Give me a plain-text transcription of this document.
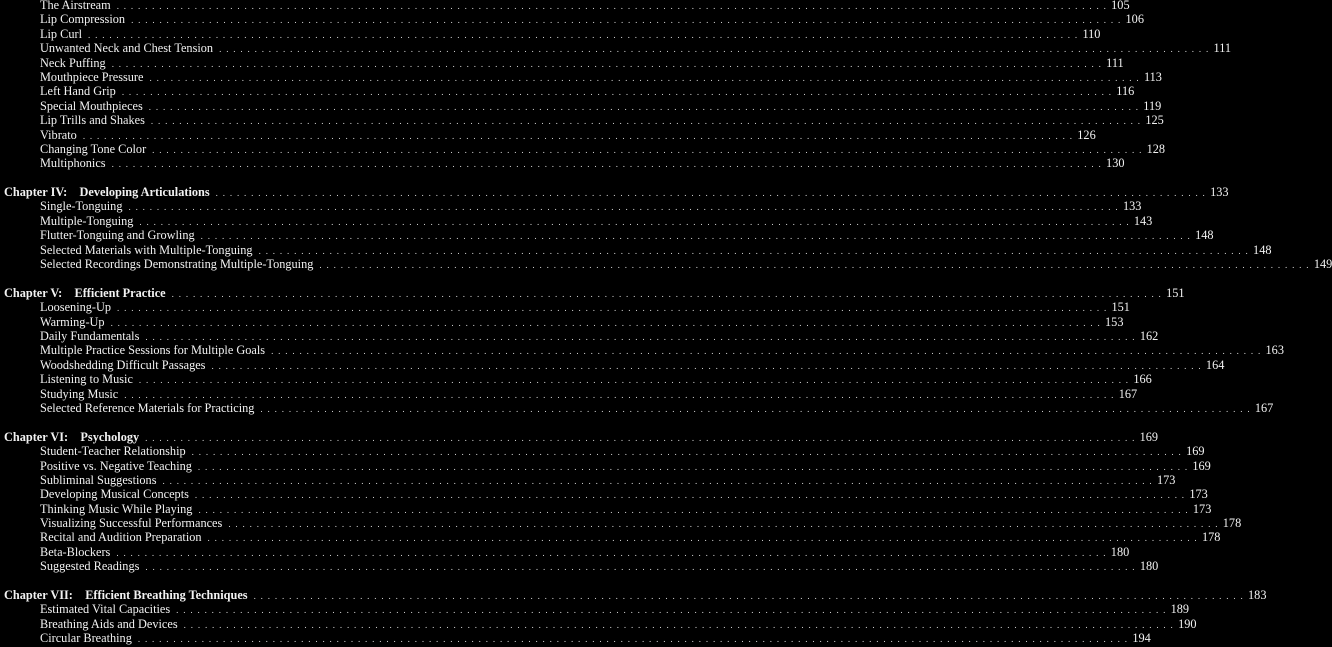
The Airstream . . . . . . . . . . . . . . . . . . . . . . . . . . . . . . . . . . . . . . . . . . . . . . . . . . . . . . . . . . . . . . . . . . . . . . . . . . . . . . . . . . . . . . . . . . . . . . . . . . . . . . . . . . . . . . . . . . . . . . . . . . . . . . . . . . . . . . . . . . . . 105
Lip Compression . . . . . . . . . . . . . . . . . . . . . . . . . . . . . . . . . . . . . . . . . . . . . . . . . . . . . . . . . . . . . . . . . . . . . . . . . . . . . . . . . . . . . . . . . . . . . . . . . . . . . . . . . . . . . . . . . . . . . . . . . . . . . . . . . . . . . . . . . . . . 106
Lip Curl . . . . . . . . . . . . . . . . . . . . . . . . . . . . . . . . . . . . . . . . . . . . . . . . . . . . . . . . . . . . . . . . . . . . . . . . . . . . . . . . . . . . . . . . . . . . . . . . . . . . . . . . . . . . . . . . . . . . . . . . . . . . . . . . . . . . . . . . . . . . 110
Unwanted Neck and Chest Tension . . . . . . . . . . . . . . . . . . . . . . . . . . . . . . . . . . . . . . . . . . . . . . . . . . . . . . . . . . . . . . . . . . . . . . . . . . . . . . . . . . . . . . . . . . . . . . . . . . . . . . . . . . . . . . . . . . . . . . . . . . . . . . . . . . . . . . . . . . . . 111
Neck Puffing . . . . . . . . . . . . . . . . . . . . . . . . . . . . . . . . . . . . . . . . . . . . . . . . . . . . . . . . . . . . . . . . . . . . . . . . . . . . . . . . . . . . . . . . . . . . . . . . . . . . . . . . . . . . . . . . . . . . . . . . . . . . . . . . . . . . . . . . . . . . 111
Mouthpiece Pressure . . . . . . . . . . . . . . . . . . . . . . . . . . . . . . . . . . . . . . . . . . . . . . . . . . . . . . . . . . . . . . . . . . . . . . . . . . . . . . . . . . . . . . . . . . . . . . . . . . . . . . . . . . . . . . . . . . . . . . . . . . . . . . . . . . . . . . . . . . . . 113
Left Hand Grip . . . . . . . . . . . . . . . . . . . . . . . . . . . . . . . . . . . . . . . . . . . . . . . . . . . . . . . . . . . . . . . . . . . . . . . . . . . . . . . . . . . . . . . . . . . . . . . . . . . . . . . . . . . . . . . . . . . . . . . . . . . . . . . . . . . . . . . . . . . . 116
Special Mouthpieces . . . . . . . . . . . . . . . . . . . . . . . . . . . . . . . . . . . . . . . . . . . . . . . . . . . . . . . . . . . . . . . . . . . . . . . . . . . . . . . . . . . . . . . . . . . . . . . . . . . . . . . . . . . . . . . . . . . . . . . . . . . . . . . . . . . . . . . . . . . . 119
Lip Trills and Shakes . . . . . . . . . . . . . . . . . . . . . . . . . . . . . . . . . . . . . . . . . . . . . . . . . . . . . . . . . . . . . . . . . . . . . . . . . . . . . . . . . . . . . . . . . . . . . . . . . . . . . . . . . . . . . . . . . . . . . . . . . . . . . . . . . . . . . . . . . . . . 125
Vibrato . . . . . . . . . . . . . . . . . . . . . . . . . . . . . . . . . . . . . . . . . . . . . . . . . . . . . . . . . . . . . . . . . . . . . . . . . . . . . . . . . . . . . . . . . . . . . . . . . . . . . . . . . . . . . . . . . . . . . . . . . . . . . . . . . . . . . . . . . . . . 126
Changing Tone Color . . . . . . . . . . . . . . . . . . . . . . . . . . . . . . . . . . . . . . . . . . . . . . . . . . . . . . . . . . . . . . . . . . . . . . . . . . . . . . . . . . . . . . . . . . . . . . . . . . . . . . . . . . . . . . . . . . . . . . . . . . . . . . . . . . . . . . . . . . . . 128
Multiphonics . . . . . . . . . . . . . . . . . . . . . . . . . . . . . . . . . . . . . . . . . . . . . . . . . . . . . . . . . . . . . . . . . . . . . . . . . . . . . . . . . . . . . . . . . . . . . . . . . . . . . . . . . . . . . . . . . . . . . . . . . . . . . . . . . . . . . . . . . . . . 130
Chapter IV: Developing Articulations . . . . . . . . . . . . . . . . . . . . . . . . . . . . . . . . . . . . . . . . . . . . . . . . . . . . . . . . . . . . . . . . . . . . . . . . . . . . . . . . . . . . . . . . . . . . . . . . . . . . . . . . . . . . . . . . . . . . . . . . . . . . . . . . . . . . . . . . . . . . 133
Single-Tonguing . . . . . . . . . . . . . . . . . . . . . . . . . . . . . . . . . . . . . . . . . . . . . . . . . . . . . . . . . . . . . . . . . . . . . . . . . . . . . . . . . . . . . . . . . . . . . . . . . . . . . . . . . . . . . . . . . . . . . . . . . . . . . . . . . . . . . . . . . . . . 133
Multiple-Tonguing . . . . . . . . . . . . . . . . . . . . . . . . . . . . . . . . . . . . . . . . . . . . . . . . . . . . . . . . . . . . . . . . . . . . . . . . . . . . . . . . . . . . . . . . . . . . . . . . . . . . . . . . . . . . . . . . . . . . . . . . . . . . . . . . . . . . . . . . . . . . 143
Flutter-Tonguing and Growling . . . . . . . . . . . . . . . . . . . . . . . . . . . . . . . . . . . . . . . . . . . . . . . . . . . . . . . . . . . . . . . . . . . . . . . . . . . . . . . . . . . . . . . . . . . . . . . . . . . . . . . . . . . . . . . . . . . . . . . . . . . . . . . . . . . . . . . . . . . . 148
Selected Materials with Multiple-Tonguing . . . . . . . . . . . . . . . . . . . . . . . . . . . . . . . . . . . . . . . . . . . . . . . . . . . . . . . . . . . . . . . . . . . . . . . . . . . . . . . . . . . . . . . . . . . . . . . . . . . . . . . . . . . . . . . . . . . . . . . . . . . . . . . . . . . . . . . . . . . . 148
Selected Recordings Demonstrating Multiple-Tonguing . . . . . . . . . . . . . . . . . . . . . . . . . . . . . . . . . . . . . . . . . . . . . . . . . . . . . . . . . . . . . . . . . . . . . . . . . . . . . . . . . . . . . . . . . . . . . . . . . . . . . . . . . . . . . . . . . . . . . . . . . . . . . . . . . . . . . . . . . . . . 149
Chapter V: Efficient Practice . . . . . . . . . . . . . . . . . . . . . . . . . . . . . . . . . . . . . . . . . . . . . . . . . . . . . . . . . . . . . . . . . . . . . . . . . . . . . . . . . . . . . . . . . . . . . . . . . . . . . . . . . . . . . . . . . . . . . . . . . . . . . . . . . . . . . . . . . . . . 151
Loosening-Up . . . . . . . . . . . . . . . . . . . . . . . . . . . . . . . . . . . . . . . . . . . . . . . . . . . . . . . . . . . . . . . . . . . . . . . . . . . . . . . . . . . . . . . . . . . . . . . . . . . . . . . . . . . . . . . . . . . . . . . . . . . . . . . . . . . . . . . . . . . . 151
Warming-Up . . . . . . . . . . . . . . . . . . . . . . . . . . . . . . . . . . . . . . . . . . . . . . . . . . . . . . . . . . . . . . . . . . . . . . . . . . . . . . . . . . . . . . . . . . . . . . . . . . . . . . . . . . . . . . . . . . . . . . . . . . . . . . . . . . . . . . . . . . . . 153
Daily Fundamentals . . . . . . . . . . . . . . . . . . . . . . . . . . . . . . . . . . . . . . . . . . . . . . . . . . . . . . . . . . . . . . . . . . . . . . . . . . . . . . . . . . . . . . . . . . . . . . . . . . . . . . . . . . . . . . . . . . . . . . . . . . . . . . . . . . . . . . . . . . . . 162
Multiple Practice Sessions for Multiple Goals . . . . . . . . . . . . . . . . . . . . . . . . . . . . . . . . . . . . . . . . . . . . . . . . . . . . . . . . . . . . . . . . . . . . . . . . . . . . . . . . . . . . . . . . . . . . . . . . . . . . . . . . . . . . . . . . . . . . . . . . . . . . . . . . . . . . . . . . . . . . 163
Woodshedding Difficult Passages . . . . . . . . . . . . . . . . . . . . . . . . . . . . . . . . . . . . . . . . . . . . . . . . . . . . . . . . . . . . . . . . . . . . . . . . . . . . . . . . . . . . . . . . . . . . . . . . . . . . . . . . . . . . . . . . . . . . . . . . . . . . . . . . . . . . . . . . . . . . 164
Listening to Music . . . . . . . . . . . . . . . . . . . . . . . . . . . . . . . . . . . . . . . . . . . . . . . . . . . . . . . . . . . . . . . . . . . . . . . . . . . . . . . . . . . . . . . . . . . . . . . . . . . . . . . . . . . . . . . . . . . . . . . . . . . . . . . . . . . . . . . . . . . . 166
Studying Music . . . . . . . . . . . . . . . . . . . . . . . . . . . . . . . . . . . . . . . . . . . . . . . . . . . . . . . . . . . . . . . . . . . . . . . . . . . . . . . . . . . . . . . . . . . . . . . . . . . . . . . . . . . . . . . . . . . . . . . . . . . . . . . . . . . . . . . . . . . . 167
Selected Reference Materials for Practicing . . . . . . . . . . . . . . . . . . . . . . . . . . . . . . . . . . . . . . . . . . . . . . . . . . . . . . . . . . . . . . . . . . . . . . . . . . . . . . . . . . . . . . . . . . . . . . . . . . . . . . . . . . . . . . . . . . . . . . . . . . . . . . . . . . . . . . . . . . . . 167
Chapter VI: Psychology . . . . . . . . . . . . . . . . . . . . . . . . . . . . . . . . . . . . . . . . . . . . . . . . . . . . . . . . . . . . . . . . . . . . . . . . . . . . . . . . . . . . . . . . . . . . . . . . . . . . . . . . . . . . . . . . . . . . . . . . . . . . . . . . . . . . . . . . . . . . 169
Student-Teacher Relationship . . . . . . . . . . . . . . . . . . . . . . . . . . . . . . . . . . . . . . . . . . . . . . . . . . . . . . . . . . . . . . . . . . . . . . . . . . . . . . . . . . . . . . . . . . . . . . . . . . . . . . . . . . . . . . . . . . . . . . . . . . . . . . . . . . . . . . . . . . . . 169
Positive vs. Negative Teaching . . . . . . . . . . . . . . . . . . . . . . . . . . . . . . . . . . . . . . . . . . . . . . . . . . . . . . . . . . . . . . . . . . . . . . . . . . . . . . . . . . . . . . . . . . . . . . . . . . . . . . . . . . . . . . . . . . . . . . . . . . . . . . . . . . . . . . . . . . . . 169
Subliminal Suggestions . . . . . . . . . . . . . . . . . . . . . . . . . . . . . . . . . . . . . . . . . . . . . . . . . . . . . . . . . . . . . . . . . . . . . . . . . . . . . . . . . . . . . . . . . . . . . . . . . . . . . . . . . . . . . . . . . . . . . . . . . . . . . . . . . . . . . . . . . . . . 173
Developing Musical Concepts . . . . . . . . . . . . . . . . . . . . . . . . . . . . . . . . . . . . . . . . . . . . . . . . . . . . . . . . . . . . . . . . . . . . . . . . . . . . . . . . . . . . . . . . . . . . . . . . . . . . . . . . . . . . . . . . . . . . . . . . . . . . . . . . . . . . . . . . . . . . 173
Thinking Music While Playing . . . . . . . . . . . . . . . . . . . . . . . . . . . . . . . . . . . . . . . . . . . . . . . . . . . . . . . . . . . . . . . . . . . . . . . . . . . . . . . . . . . . . . . . . . . . . . . . . . . . . . . . . . . . . . . . . . . . . . . . . . . . . . . . . . . . . . . . . . . . 173
Visualizing Successful Performances . . . . . . . . . . . . . . . . . . . . . . . . . . . . . . . . . . . . . . . . . . . . . . . . . . . . . . . . . . . . . . . . . . . . . . . . . . . . . . . . . . . . . . . . . . . . . . . . . . . . . . . . . . . . . . . . . . . . . . . . . . . . . . . . . . . . . . . . . . . . 178
Recital and Audition Preparation . . . . . . . . . . . . . . . . . . . . . . . . . . . . . . . . . . . . . . . . . . . . . . . . . . . . . . . . . . . . . . . . . . . . . . . . . . . . . . . . . . . . . . . . . . . . . . . . . . . . . . . . . . . . . . . . . . . . . . . . . . . . . . . . . . . . . . . . . . . . 178
Beta-Blockers . . . . . . . . . . . . . . . . . . . . . . . . . . . . . . . . . . . . . . . . . . . . . . . . . . . . . . . . . . . . . . . . . . . . . . . . . . . . . . . . . . . . . . . . . . . . . . . . . . . . . . . . . . . . . . . . . . . . . . . . . . . . . . . . . . . . . . . . . . . . 180
Suggested Readings . . . . . . . . . . . . . . . . . . . . . . . . . . . . . . . . . . . . . . . . . . . . . . . . . . . . . . . . . . . . . . . . . . . . . . . . . . . . . . . . . . . . . . . . . . . . . . . . . . . . . . . . . . . . . . . . . . . . . . . . . . . . . . . . . . . . . . . . . . . . 180
Chapter VII: Efficient Breathing Techniques . . . . . . . . . . . . . . . . . . . . . . . . . . . . . . . . . . . . . . . . . . . . . . . . . . . . . . . . . . . . . . . . . . . . . . . . . . . . . . . . . . . . . . . . . . . . . . . . . . . . . . . . . . . . . . . . . . . . . . . . . . . . . . . . . . . . . . . . . . . . 183
Estimated Vital Capacities . . . . . . . . . . . . . . . . . . . . . . . . . . . . . . . . . . . . . . . . . . . . . . . . . . . . . . . . . . . . . . . . . . . . . . . . . . . . . . . . . . . . . . . . . . . . . . . . . . . . . . . . . . . . . . . . . . . . . . . . . . . . . . . . . . . . . . . . . . . . 189
Breathing Aids and Devices . . . . . . . . . . . . . . . . . . . . . . . . . . . . . . . . . . . . . . . . . . . . . . . . . . . . . . . . . . . . . . . . . . . . . . . . . . . . . . . . . . . . . . . . . . . . . . . . . . . . . . . . . . . . . . . . . . . . . . . . . . . . . . . . . . . . . . . . . . . . 190
Circular Breathing . . . . . . . . . . . . . . . . . . . . . . . . . . . . . . . . . . . . . . . . . . . . . . . . . . . . . . . . . . . . . . . . . . . . . . . . . . . . . . . . . . . . . . . . . . . . . . . . . . . . . . . . . . . . . . . . . . . . . . . . . . . . . . . . . . . . . . . . . . . . 194
